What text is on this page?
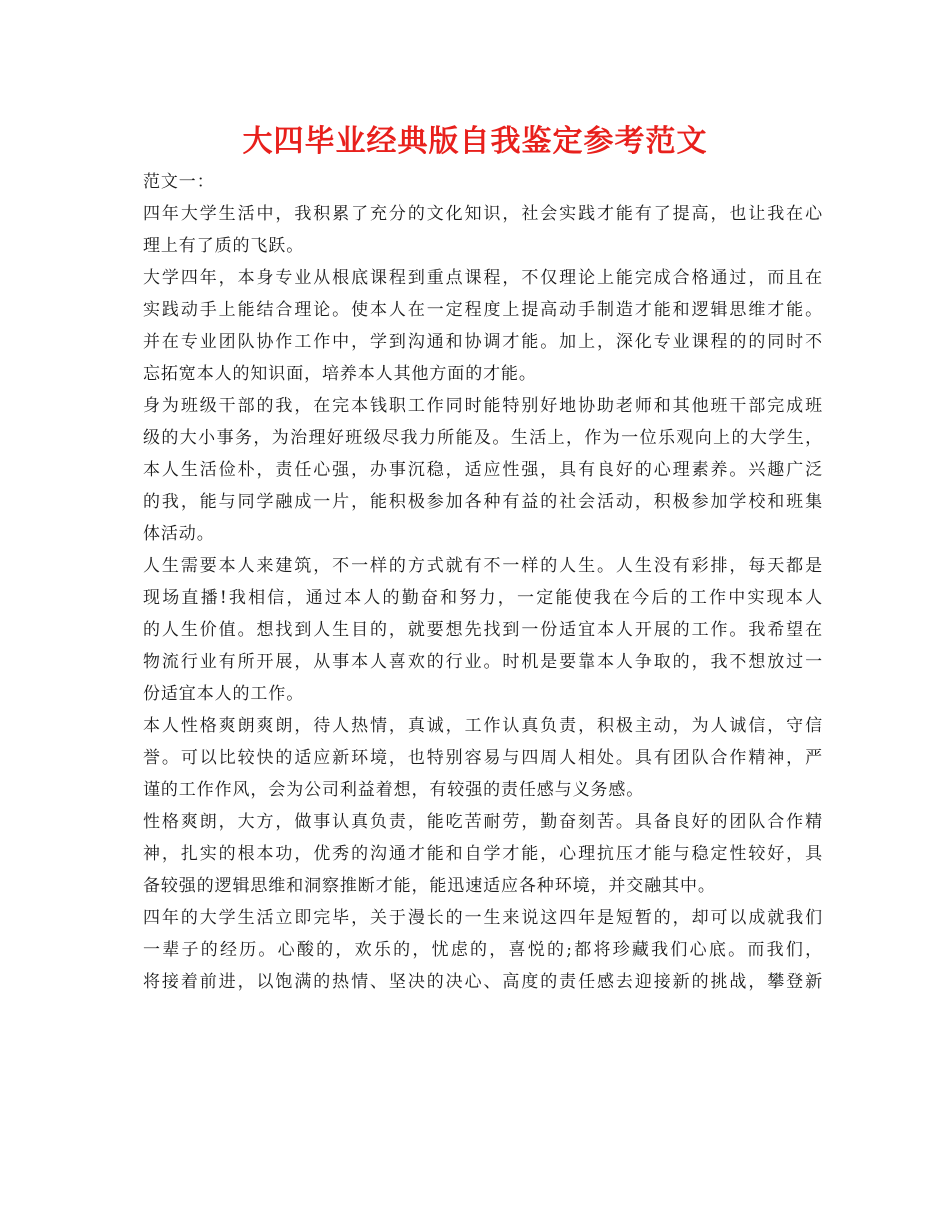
大四毕业经典版自我鉴定参考范文
范文一：
四年大学生活中，我积累了充分的文化知识，社会实践才能有了提高，也让我在心
理上有了质的飞跃。
大学四年，本身专业从根底课程到重点课程，不仅理论上能完成合格通过，而且在
实践动手上能结合理论。使本人在一定程度上提高动手制造才能和逻辑思维才能。
并在专业团队协作工作中，学到沟通和协调才能。加上，深化专业课程的的同时不
忘拓宽本人的知识面，培养本人其他方面的才能。
身为班级干部的我，在完本钱职工作同时能特别好地协助老师和其他班干部完成班
级的大小事务，为治理好班级尽我力所能及。生活上，作为一位乐观向上的大学生，
本人生活俭朴，责任心强，办事沉稳，适应性强，具有良好的心理素养。兴趣广泛
的我，能与同学融成一片，能积极参加各种有益的社会活动，积极参加学校和班集
体活动。
人生需要本人来建筑，不一样的方式就有不一样的人生。人生没有彩排，每天都是
现场直播!我相信，通过本人的勤奋和努力，一定能使我在今后的工作中实现本人
的人生价值。想找到人生目的，就要想先找到一份适宜本人开展的工作。我希望在
物流行业有所开展，从事本人喜欢的行业。时机是要靠本人争取的，我不想放过一
份适宜本人的工作。
本人性格爽朗爽朗，待人热情，真诚，工作认真负责，积极主动，为人诚信，守信
誉。可以比较快的适应新环境，也特别容易与四周人相处。具有团队合作精神，严
谨的工作作风，会为公司利益着想，有较强的责任感与义务感。
性格爽朗，大方，做事认真负责，能吃苦耐劳，勤奋刻苦。具备良好的团队合作精
神，扎实的根本功，优秀的沟通才能和自学才能，心理抗压才能与稳定性较好，具
备较强的逻辑思维和洞察推断才能，能迅速适应各种环境，并交融其中。
四年的大学生活立即完毕，关于漫长的一生来说这四年是短暂的，却可以成就我们
一辈子的经历。心酸的，欢乐的，忧虑的，喜悦的;都将珍藏我们心底。而我们，
将接着前进，以饱满的热情、坚决的决心、高度的责任感去迎接新的挑战，攀登新
